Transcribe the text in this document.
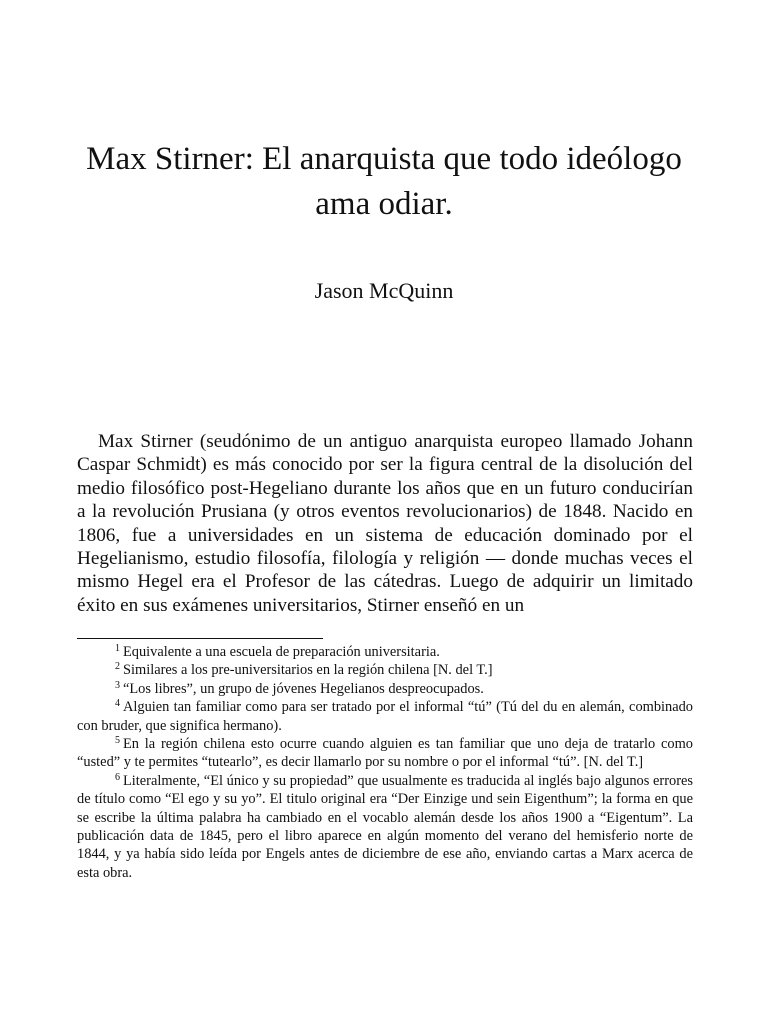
Max Stirner: El anarquista que todo ideólogo ama odiar.
Jason McQuinn

Max Stirner (seudónimo de un antiguo anarquista europeo llamado Johann Caspar Schmidt) es más conocido por ser la figura central de la disolución del medio filosófico post-Hegeliano durante los años que en un futuro conducirían a la revolución Prusiana (y otros eventos revolucionarios) de 1848. Nacido en 1806, fue a universidades en un sistema de educación dominado por el Hegelianismo, estudio filosofía, filología y religión — donde muchas veces el mismo Hegel era el Profesor de las cátedras. Luego de adquirir un limitado éxito en sus exámenes universitarios, Stirner enseñó en un

$^1$ Equivalente a una escuela de preparación universitaria.
$^2$ Similares a los pre-universitarios en la región chilena [N. del T.]
$^3$ “Los libres”, un grupo de jóvenes Hegelianos despreocupados.
$^4$ Alguien tan familiar como para ser tratado por el informal “tú” (Tú del du en alemán, combinado con bruder, que significa hermano).
$^5$ En la región chilena esto ocurre cuando alguien es tan familiar que uno deja de tratarlo como “usted” y te permites “tutearlo”, es decir llamarlo por su nombre o por el informal “tú”. [N. del T.]
$^6$ Literalmente, “El único y su propiedad” que usualmente es traducida al inglés bajo algunos errores de título como “El ego y su yo”. El titulo original era “Der Einzige und sein Eigenthum”; la forma en que se escribe la última palabra ha cambiado en el vocablo alemán desde los años 1900 a “Eigentum”. La publicación data de 1845, pero el libro aparece en algún momento del verano del hemisferio norte de 1844, y ya había sido leída por Engels antes de diciembre de ese año, enviando cartas a Marx acerca de esta obra.
